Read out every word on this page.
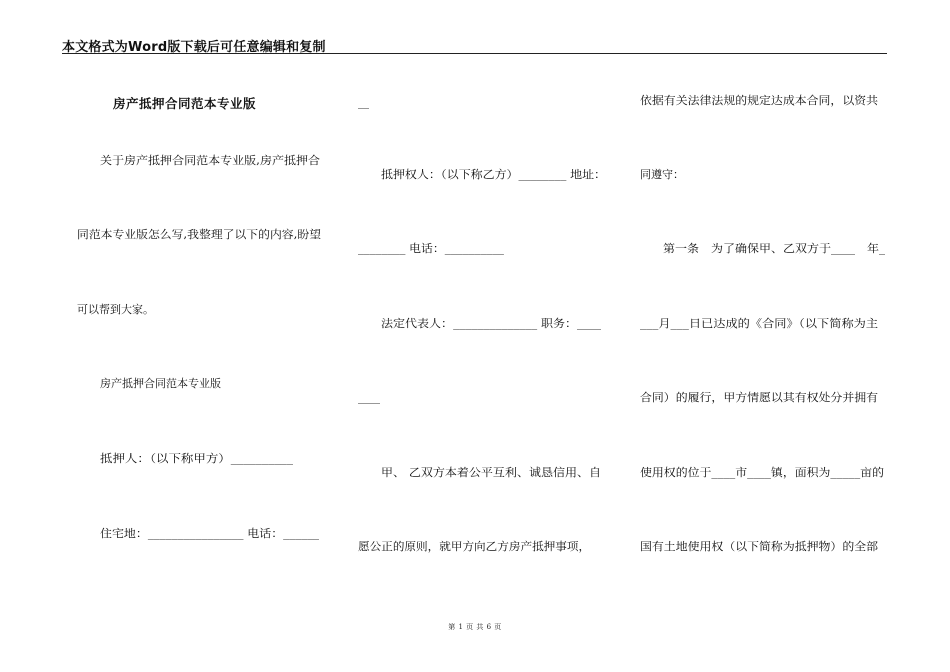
本文格式为Word版下载后可任意编辑和复制
房产抵押合同范本专业版
关于房产抵押合同范本专业版,房产抵押合
同范本专业版怎么写,我整理了以下的内容,盼望
可以帮到大家。
房产抵押合同范本专业版
抵押人：（以下称甲方）__________
住宅地：________________ 电话：______
__
抵押权人：（以下称乙方）________ 地址：
________ 电话：__________
法定代表人：______________ 职务：____
____
甲、 乙双方本着公平互利、诚恳信用、自
愿公正的原则，就甲方向乙方房产抵押事项，
依据有关法律法规的规定达成本合同，以资共
同遵守：
第一条　为了确保甲、乙双方于____　年_
___月___日已达成的《合同》（以下简称为主
合同）的履行，甲方情愿以其有权处分并拥有
使用权的位于____市____镇，面积为_____亩的
国有土地使用权（以下简称为抵押物）的全部
第 1 页 共 6 页
